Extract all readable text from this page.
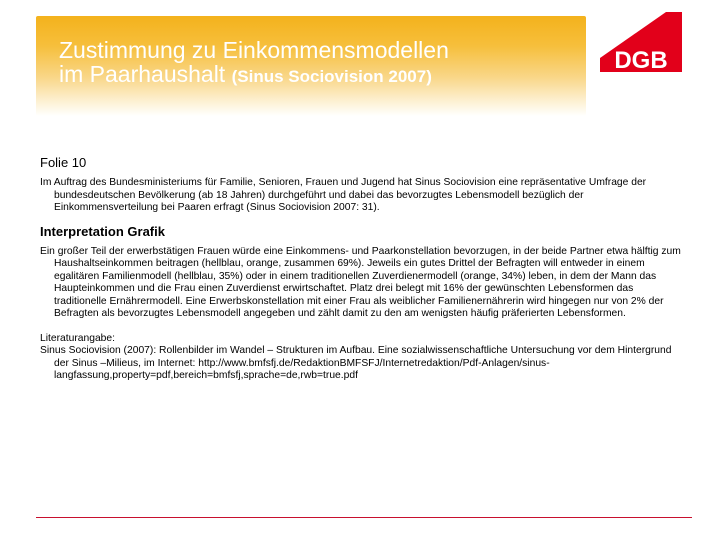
Zustimmung zu Einkommensmodellen
im Paarhaushalt (Sinus Sociovision 2007)
DGB
Folie 10

Im Auftrag des Bundesministeriums für Familie, Senioren, Frauen und Jugend hat Sinus Sociovision eine repräsentative Umfrage der bundesdeutschen Bevölkerung (ab 18 Jahren) durchgeführt und dabei das bevorzugtes Lebensmodell bezüglich der Einkommensverteilung bei Paaren erfragt (Sinus Sociovision 2007: 31).

Interpretation Grafik

Ein großer Teil der erwerbstätigen Frauen würde eine Einkommens- und Paarkonstellation bevorzugen, in der beide Partner etwa hälftig zum Haushaltseinkommen beitragen (hellblau, orange, zusammen 69%). Jeweils ein gutes Drittel der Befragten will entweder in einem egalitären Familienmodell (hellblau, 35%) oder in einem traditionellen Zuverdienermodell (orange, 34%) leben, in dem der Mann das Haupteinkommen und die Frau einen Zuverdienst erwirtschaftet. Platz drei belegt mit 16% der gewünschten Lebensformen das traditionelle Ernährermodell. Eine Erwerbskonstellation mit einer Frau als weiblicher Familienernährerin wird hingegen nur von 2% der Befragten als bevorzugtes Lebensmodell angegeben und zählt damit zu den am wenigsten häufig präferierten Lebensformen.

Literaturangabe:

Sinus Sociovision (2007): Rollenbilder im Wandel – Strukturen im Aufbau. Eine sozialwissenschaftliche Untersuchung vor dem Hintergrund der Sinus –Milieus, im Internet: http://www.bmfsfj.de/RedaktionBMFSFJ/Internetredaktion/Pdf-Anlagen/sinus-langfassung,property=pdf,bereich=bmfsfj,sprache=de,rwb=true.pdf
